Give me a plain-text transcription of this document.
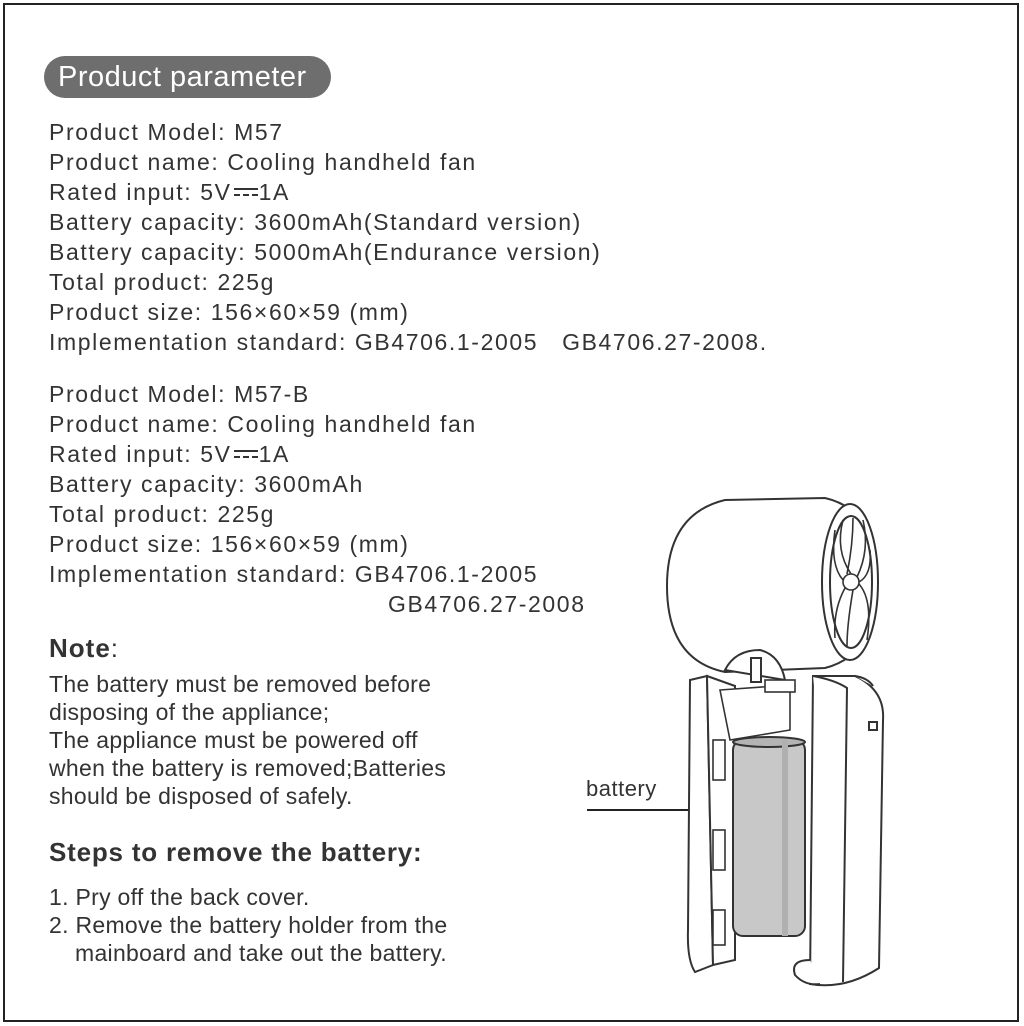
Product parameter
Product Model: M57
Product name: Cooling handheld fan
Rated input: 5V 1A
Battery capacity: 3600mAh(Standard version)
Battery capacity: 5000mAh(Endurance version)
Total product: 225g
Product size: 156×60×59 (mm)
Implementation standard: GB4706.1-2005   GB4706.27-2008.
Product Model: M57-B
Product name: Cooling handheld fan
Rated input: 5V 1A
Battery capacity: 3600mAh
Total product: 225g
Product size: 156×60×59 (mm)
Implementation standard: GB4706.1-2005
GB4706.27-2008
Note:
The battery must be removed before
disposing of the appliance;
The appliance must be powered off
when the battery is removed;Batteries
should be disposed of safely.
Steps to remove the battery:
1. Pry off the back cover.
2. Remove the battery holder from the
mainboard and take out the battery.
battery
